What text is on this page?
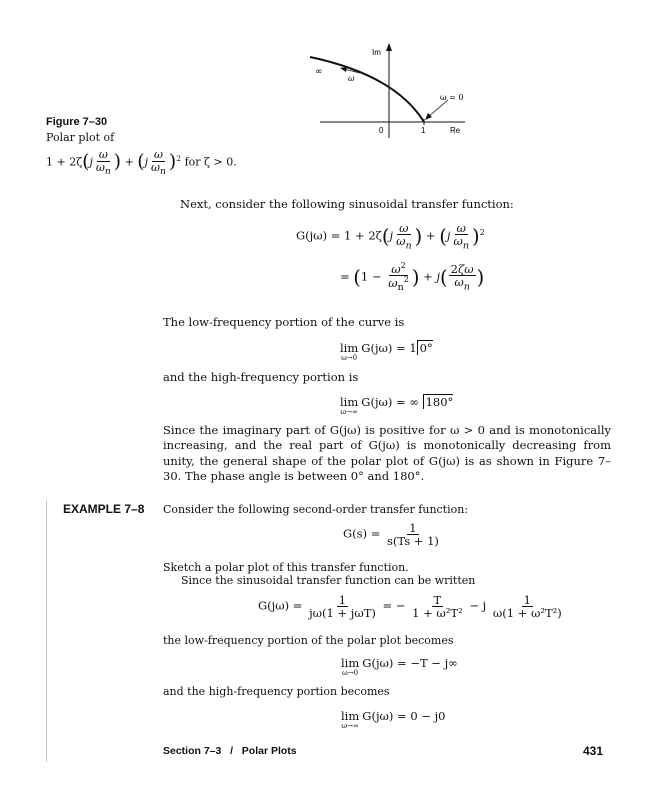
Im
Re
∞
ω
ω = 0
0	1
Figure 7–30
Polar plot of
$1 + 2\zeta(j \frac{\omega}{\omega_n}$ ) + $(j \frac{\omega}{\omega_n} )^2$ for ζ > 0.
Next, consider the following sinusoidal transfer function:
$G(j\omega) = 1 + 2\zeta(j \frac{\omega}{\omega_n}$ ) + $(j \frac{\omega}{\omega_n} )^2$
= ($1 - \frac{\omega^2}{\omega_n^2}$ ) + $j( \frac{2\zeta\omega}{\omega_n}$ )
The low-frequency portion of the curve is
lim
ω→0
G(jω) = 1 0°
and the high-frequency portion is
lim
ω→∞
G(jω) = ∞ 180°
Since the imaginary part of G(jω) is positive for ω > 0 and is monotonically increasing, and the real part of G(jω) is monotonically decreasing from unity, the general shape of the polar plot of G(jω) is as shown in Figure 7–30. The phase angle is between 0° and 180°.
EXAMPLE 7–8 Consider the following second-order transfer function:
$G(s) = \frac{1}{s(Ts + 1)}$
Sketch a polar plot of this transfer function.
Since the sinusoidal transfer function can be written
$G(j\omega) = \frac{1}{\text{jω(1 + jωT)}}$ = − $\frac{T}{\text{1 + ω²T²}} - j \frac{1}{\text{ω(1 + ω²T²)}}$
the low-frequency portion of the polar plot becomes
lim
ω→0
G(jω) = −T − j∞
and the high-frequency portion becomes
lim
ω→∞
G(jω) = 0 − j0
Section 7–3   /   Polar Plots	431
